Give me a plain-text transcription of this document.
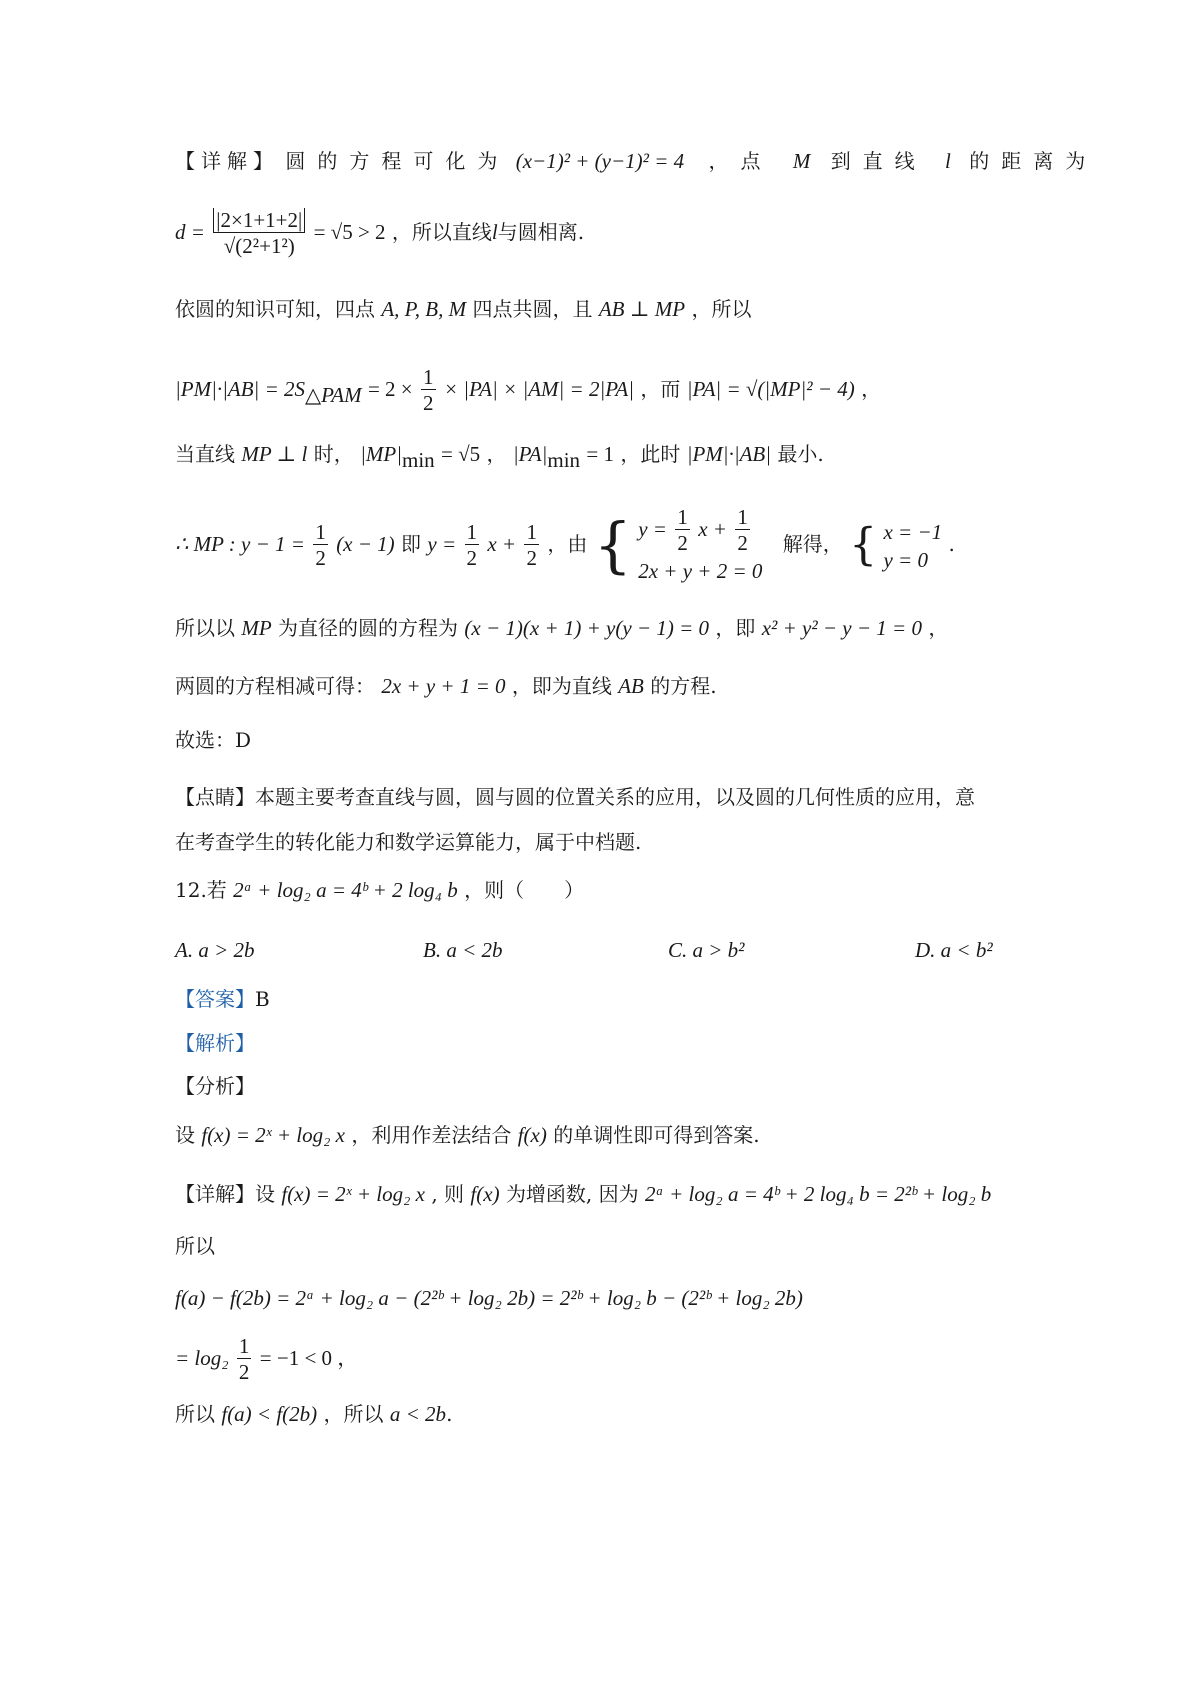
【详解】 圆的方程可化为 (x−1)² + (y−1)² = 4 ，点 M 到直线 l 的距离为
$d = \frac{|2\times 1+1+2|}{\text{√(2²+1²)}} = √5 > 2$ ，所以直线l与圆相离.
依圆的知识可知，四点 A, P, B, M 四点共圆，且 AB ⊥ MP ，所以
$|PM|\cdot|AB| = 2S_{\triangle PAM} = 2 \times \frac{1}{2} \times |PA| \times |AM| = 2|PA|$ ，而 |PA| = √(|MP|² − 4) ，
当直线 MP ⊥ l 时， $|MP|_{min} = √5$ ， $|PA|_{min} = 1$ ，此时 |PM|·|AB| 最小.
∴ MP : $y - 1 = \frac{1}{2} (x - 1)$ 即 $y = \frac{1}{2}$ $x + \frac{1}{2}$ ，由 { $y = \frac{1}{2}$ $x + \frac{1}{2}$
2x + y + 2 = 0
解得， { x = −1
y = 0
.
所以以 MP 为直径的圆的方程为 (x − 1)(x + 1) + y(y − 1) = 0 ，即 x² + y² − y − 1 = 0 ，
两圆的方程相减可得： 2x + y + 1 = 0 ，即为直线 AB 的方程.
故选：D
【点睛】本题主要考查直线与圆，圆与圆的位置关系的应用，以及圆的几何性质的应用，意
在考查学生的转化能力和数学运算能力，属于中档题.
12.若 2ᵃ + log₂ a = 4ᵇ + 2 log₄ b ，则（　　）
A. a > 2b	B. a < 2b	C. a > b²	D. a < b²
【答案】B
【解析】
【分析】
设 f(x) = 2ˣ + log₂ x ，利用作差法结合 f(x) 的单调性即可得到答案.
【详解】设 f(x) = 2ˣ + log₂ x , 则 f(x) 为增函数, 因为 2ᵃ + log₂ a = 4ᵇ + 2 log₄ b = 2²ᵇ + log₂ b
所以
f(a) − f(2b) = 2ᵃ + log₂ a − (2²ᵇ + log₂ 2b) = 2²ᵇ + log₂ b − (2²ᵇ + log₂ 2b)
= $\log_2 \frac{1}{2} = -1 < 0$ ，
所以 f(a) < f(2b) ，所以 a < 2b.
